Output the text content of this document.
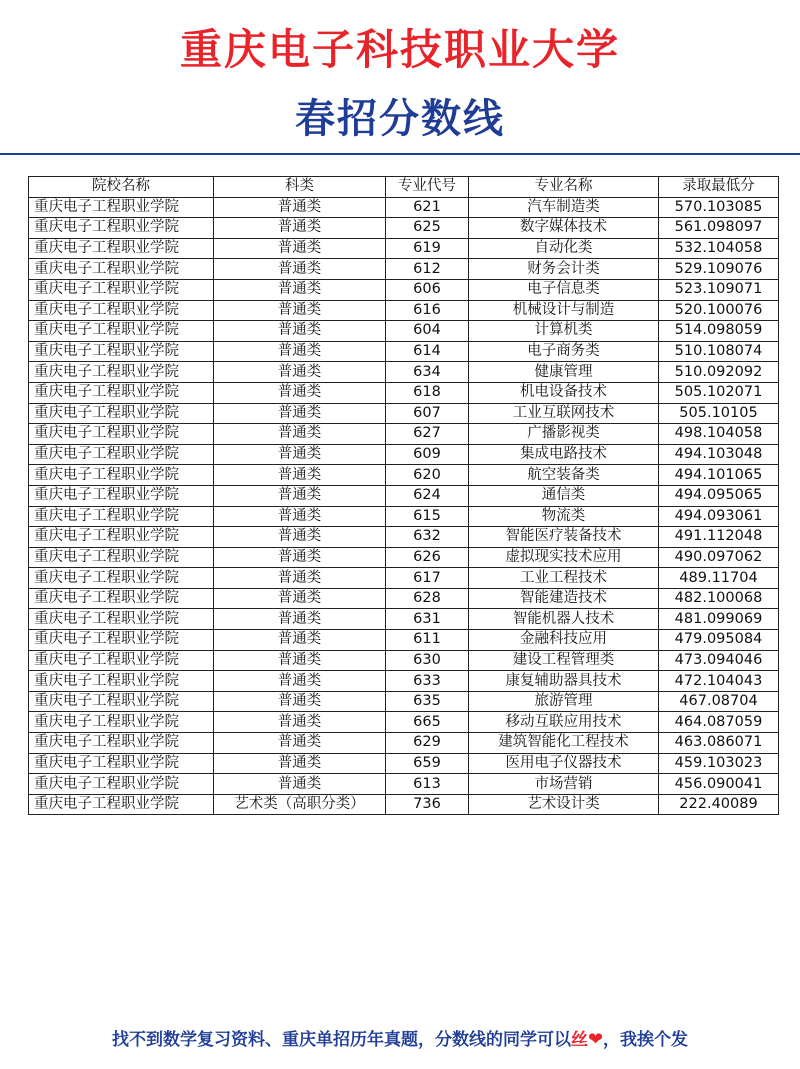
重庆电子科技职业大学
春招分数线
院校名称	科类	专业代号	专业名称	录取最低分
重庆电子工程职业学院	普通类	621	汽车制造类	570.103085
重庆电子工程职业学院	普通类	625	数字媒体技术	561.098097
重庆电子工程职业学院	普通类	619	自动化类	532.104058
重庆电子工程职业学院	普通类	612	财务会计类	529.109076
重庆电子工程职业学院	普通类	606	电子信息类	523.109071
重庆电子工程职业学院	普通类	616	机械设计与制造	520.100076
重庆电子工程职业学院	普通类	604	计算机类	514.098059
重庆电子工程职业学院	普通类	614	电子商务类	510.108074
重庆电子工程职业学院	普通类	634	健康管理	510.092092
重庆电子工程职业学院	普通类	618	机电设备技术	505.102071
重庆电子工程职业学院	普通类	607	工业互联网技术	505.10105
重庆电子工程职业学院	普通类	627	广播影视类	498.104058
重庆电子工程职业学院	普通类	609	集成电路技术	494.103048
重庆电子工程职业学院	普通类	620	航空装备类	494.101065
重庆电子工程职业学院	普通类	624	通信类	494.095065
重庆电子工程职业学院	普通类	615	物流类	494.093061
重庆电子工程职业学院	普通类	632	智能医疗装备技术	491.112048
重庆电子工程职业学院	普通类	626	虚拟现实技术应用	490.097062
重庆电子工程职业学院	普通类	617	工业工程技术	489.11704
重庆电子工程职业学院	普通类	628	智能建造技术	482.100068
重庆电子工程职业学院	普通类	631	智能机器人技术	481.099069
重庆电子工程职业学院	普通类	611	金融科技应用	479.095084
重庆电子工程职业学院	普通类	630	建设工程管理类	473.094046
重庆电子工程职业学院	普通类	633	康复辅助器具技术	472.104043
重庆电子工程职业学院	普通类	635	旅游管理	467.08704
重庆电子工程职业学院	普通类	665	移动互联应用技术	464.087059
重庆电子工程职业学院	普通类	629	建筑智能化工程技术	463.086071
重庆电子工程职业学院	普通类	659	医用电子仪器技术	459.103023
重庆电子工程职业学院	普通类	613	市场营销	456.090041
重庆电子工程职业学院	艺术类（高职分类）	736	艺术设计类	222.40089
找不到数学复习资料、重庆单招历年真题，分数线的同学可以丝❤，我挨个发
